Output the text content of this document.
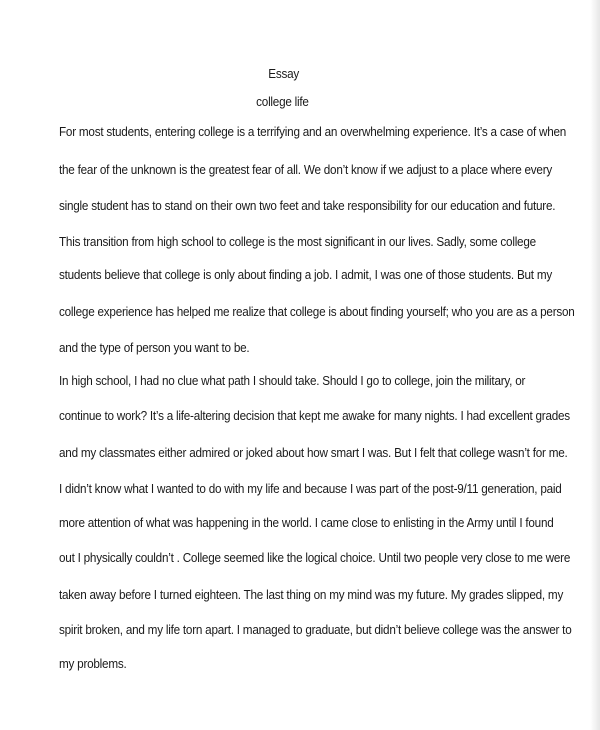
Essay
college life
For most students, entering college is a terrifying and an overwhelming experience. It’s a case of when
the fear of the unknown is the greatest fear of all. We don’t know if we adjust to a place where every
single student has to stand on their own two feet and take responsibility for our education and future.
This transition from high school to college is the most significant in our lives. Sadly, some college
students believe that college is only about finding a job. I admit, I was one of those students. But my
college experience has helped me realize that college is about finding yourself; who you are as a person
and the type of person you want to be.
In high school, I had no clue what path I should take. Should I go to college, join the military, or
continue to work? It’s a life-altering decision that kept me awake for many nights. I had excellent grades
and my classmates either admired or joked about how smart I was. But I felt that college wasn’t for me.
I didn’t know what I wanted to do with my life and because I was part of the post-9/11 generation, paid
more attention of what was happening in the world. I came close to enlisting in the Army until I found
out I physically couldn’t . College seemed like the logical choice. Until two people very close to me were
taken away before I turned eighteen. The last thing on my mind was my future. My grades slipped, my
spirit broken, and my life torn apart. I managed to graduate, but didn’t believe college was the answer to
my problems.
